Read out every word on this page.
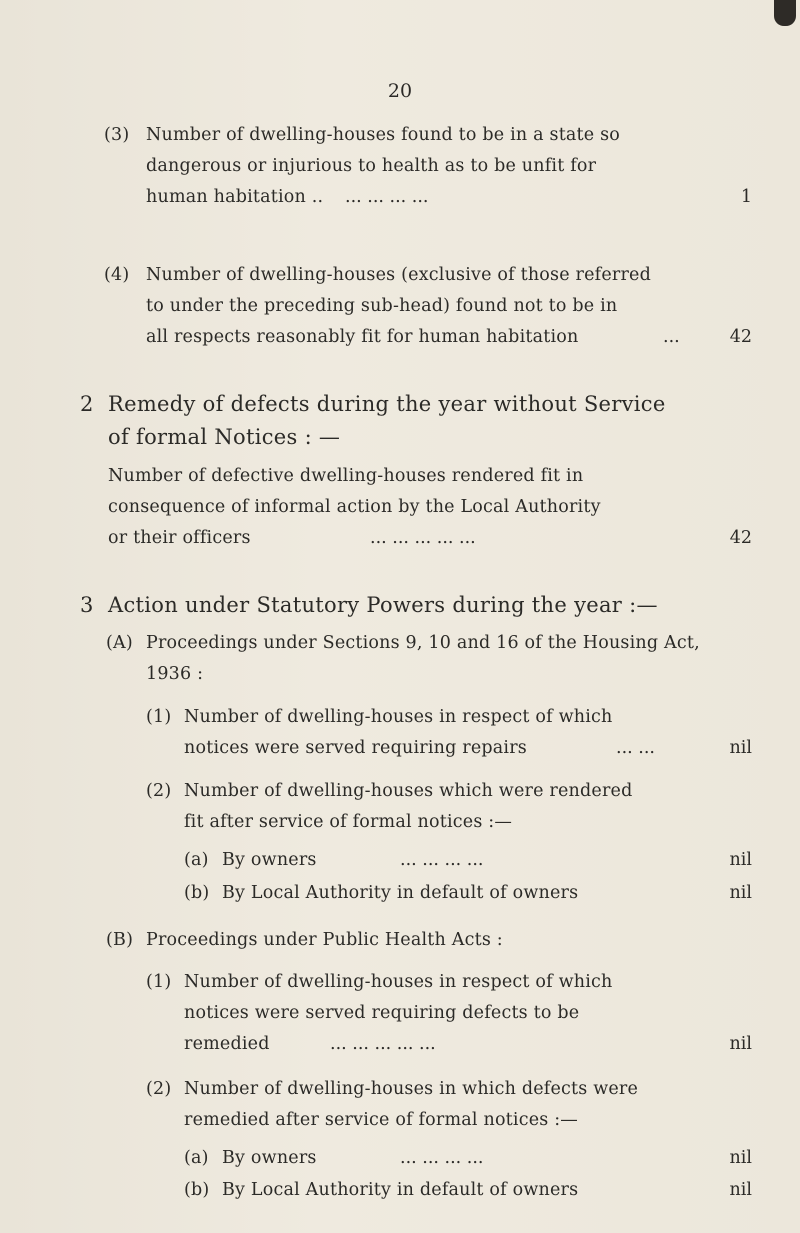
20
(3) Number of dwelling-houses found to be in a state so
dangerous or injurious to health as to be unfit for
human habitation .. ... ... ... ...	1
(4) Number of dwelling-houses (exclusive of those referred
to under the preceding sub-head) found not to be in
all respects reasonably fit for human habitation	...	42
2 Remedy of defects during the year without Service
of formal Notices : —
Number of defective dwelling-houses rendered fit in
consequence of informal action by the Local Authority
or their officers	... ... ... ... ...	42
3 Action under Statutory Powers during the year :—
(A) Proceedings under Sections 9, 10 and 16 of the Housing Act,
1936 :
(1) Number of dwelling-houses in respect of which
notices were served requiring repairs	... ...	nil
(2) Number of dwelling-houses which were rendered
fit after service of formal notices :—
(a) By owners	... ... ... ...	nil
(b) By Local Authority in default of owners	nil
(B) Proceedings under Public Health Acts :
(1) Number of dwelling-houses in respect of which
notices were served requiring defects to be
remedied	... ... ... ... ...	nil
(2) Number of dwelling-houses in which defects were
remedied after service of formal notices :—
(a) By owners	... ... ... ...	nil
(b) By Local Authority in default of owners	nil
